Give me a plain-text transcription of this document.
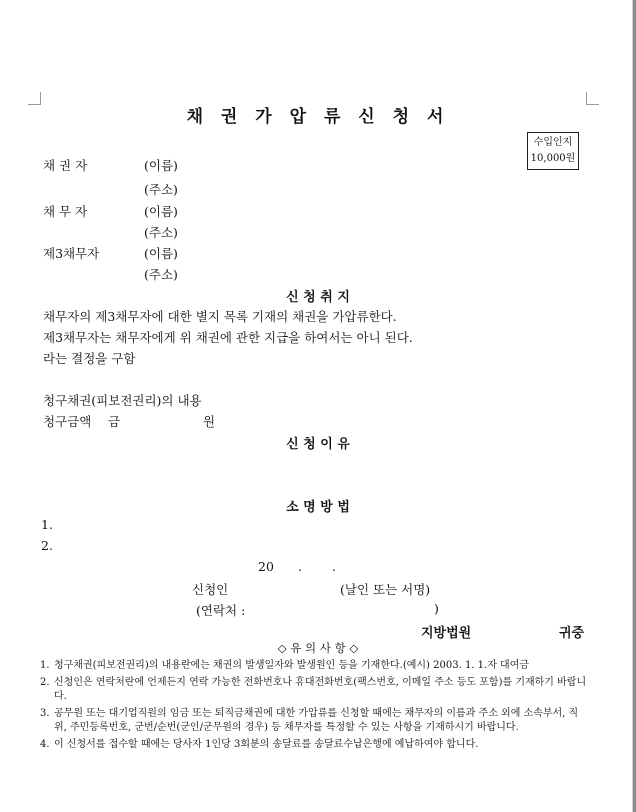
채 권 가 압 류 신 청 서
수입인지
10,000원
채 권 자	(이름)
(주소)
채 무 자	(이름)
(주소)
제3채무자	(이름)
(주소)
신 청 취 지
채무자의 제3채무자에 대한 별지 목록 기재의 채권을 가압류한다.
제3채무자는 채무자에게 위 채권에 관한 지급을 하여서는 아니 된다.
라는 결정을 구함
청구채권(피보전권리)의 내용
청구금액 금	원
신 청 이 유
소 명 방 법
1.
2.
20 . .
신청인	(날인 또는 서명)
(연락처 :	)
지방법원	귀중
◇ 유 의 사 항 ◇
1. 청구채권(피보전권리)의 내용란에는 채권의 발생일자와 발생원인 등을 기재한다.(예시) 2003. 1. 1.자 대여금
2. 신청인은 연락처란에 언제든지 연락 가능한 전화번호나 휴대전화번호(팩스번호, 이메일 주소 등도 포함)를 기재하기 바랍니다.
3. 공무원 또는 대기업직원의 임금 또는 퇴직금채권에 대한 가압류를 신청할 때에는 채무자의 이름과 주소 외에 소속부서, 직위, 주민등록번호, 군번/순번(군인/군무원의 경우) 등 채무자를 특정할 수 있는 사항을 기재하시기 바랍니다.
4. 이 신청서를 접수할 때에는 당사자 1인당 3회분의 송달료를 송달료수납은행에 예납하여야 합니다.
